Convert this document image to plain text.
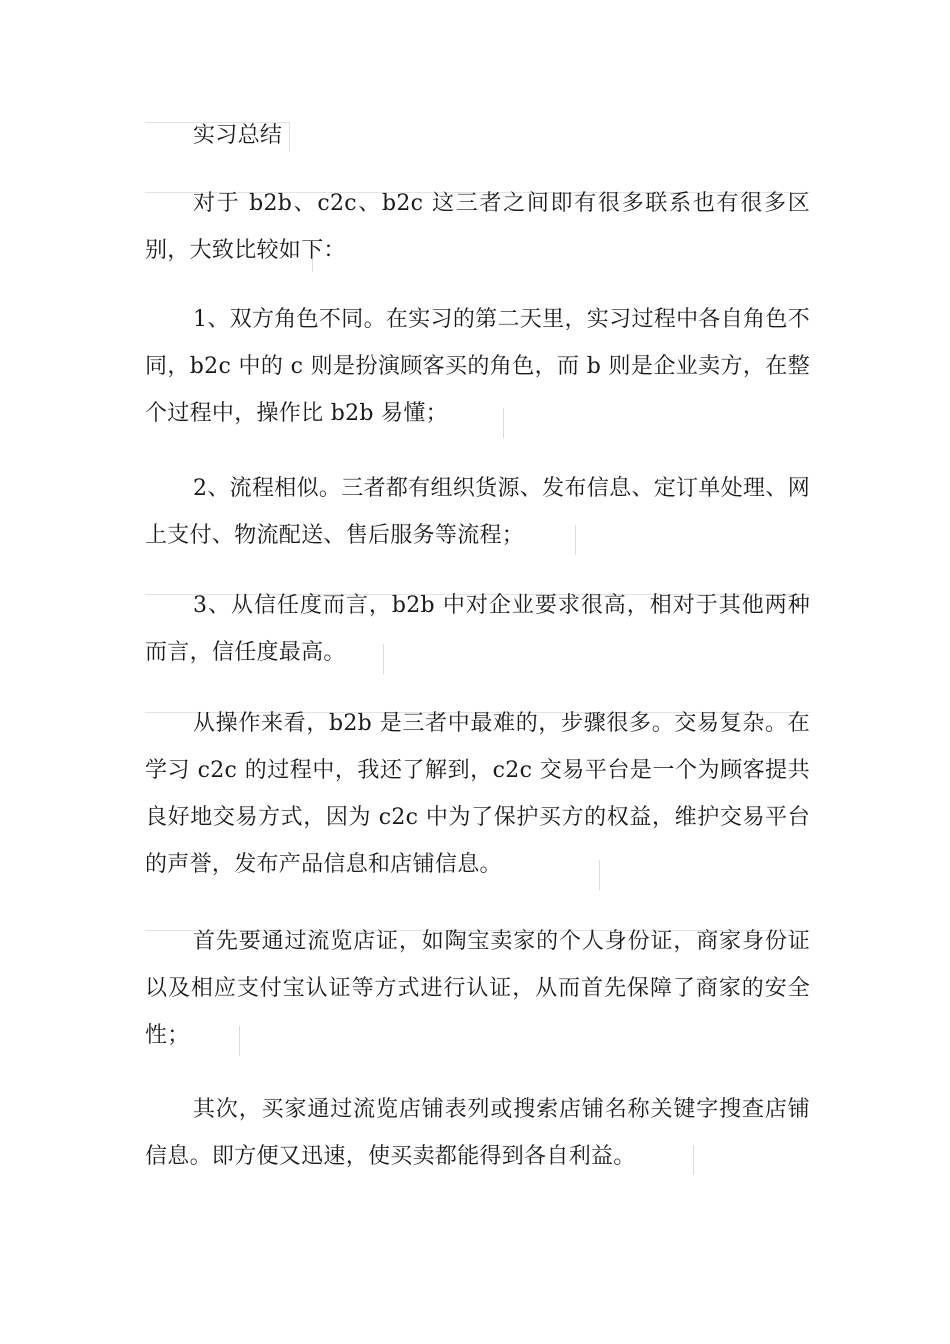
实习总结

对于 b2b、c2c、b2c 这三者之间即有很多联系也有很多区别，大致比较如下：

1、双方角色不同。在实习的第二天里，实习过程中各自角色不同，b2c 中的 c 则是扮演顾客买的角色，而 b 则是企业卖方，在整个过程中，操作比 b2b 易懂；

2、流程相似。三者都有组织货源、发布信息、定订单处理、网上支付、物流配送、售后服务等流程；

3、从信任度而言，b2b 中对企业要求很高，相对于其他两种而言，信任度最高。

从操作来看，b2b 是三者中最难的，步骤很多。交易复杂。在学习 c2c 的过程中，我还了解到，c2c 交易平台是一个为顾客提共良好地交易方式，因为 c2c 中为了保护买方的权益，维护交易平台的声誉，发布产品信息和店铺信息。

首先要通过流览店证，如陶宝卖家的个人身份证，商家身份证以及相应支付宝认证等方式进行认证，从而首先保障了商家的安全性；

其次，买家通过流览店铺表列或搜索店铺名称关键字搜查店铺信息。即方便又迅速，使买卖都能得到各自利益。
